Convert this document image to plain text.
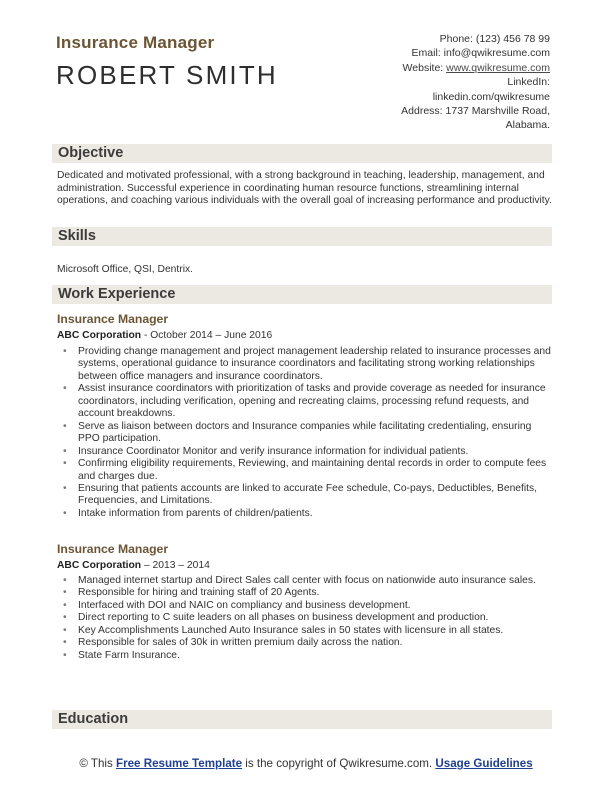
Insurance Manager
ROBERT SMITH
Phone: (123) 456 78 99
Email: info@qwikresume.com
Website: www.qwikresume.com
LinkedIn:
linkedin.com/qwikresume
Address: 1737 Marshville Road,
Alabama.
Objective
Dedicated and motivated professional, with a strong background in teaching, leadership, management, and administration. Successful experience in coordinating human resource functions, streamlining internal operations, and coaching various individuals with the overall goal of increasing performance and productivity.
Skills
Microsoft Office, QSI, Dentrix.
Work Experience
Insurance Manager
ABC Corporation - October 2014 – June 2016
• Providing change management and project management leadership related to insurance processes and systems, operational guidance to insurance coordinators and facilitating strong working relationships between office managers and insurance coordinators.
• Assist insurance coordinators with prioritization of tasks and provide coverage as needed for insurance coordinators, including verification, opening and recreating claims, processing refund requests, and account breakdowns.
• Serve as liaison between doctors and Insurance companies while facilitating credentialing, ensuring PPO participation.
• Insurance Coordinator Monitor and verify insurance information for individual patients.
• Confirming eligibility requirements, Reviewing, and maintaining dental records in order to compute fees and charges due.
• Ensuring that patients accounts are linked to accurate Fee schedule, Co-pays, Deductibles, Benefits, Frequencies, and Limitations.
• Intake information from parents of children/patients.
Insurance Manager
ABC Corporation – 2013 – 2014
• Managed internet startup and Direct Sales call center with focus on nationwide auto insurance sales.
• Responsible for hiring and training staff of 20 Agents.
• Interfaced with DOI and NAIC on compliancy and business development.
• Direct reporting to C suite leaders on all phases on business development and production.
• Key Accomplishments Launched Auto Insurance sales in 50 states with licensure in all states.
• Responsible for sales of 30k in written premium daily across the nation.
• State Farm Insurance.
Education
© This Free Resume Template is the copyright of Qwikresume.com. Usage Guidelines
